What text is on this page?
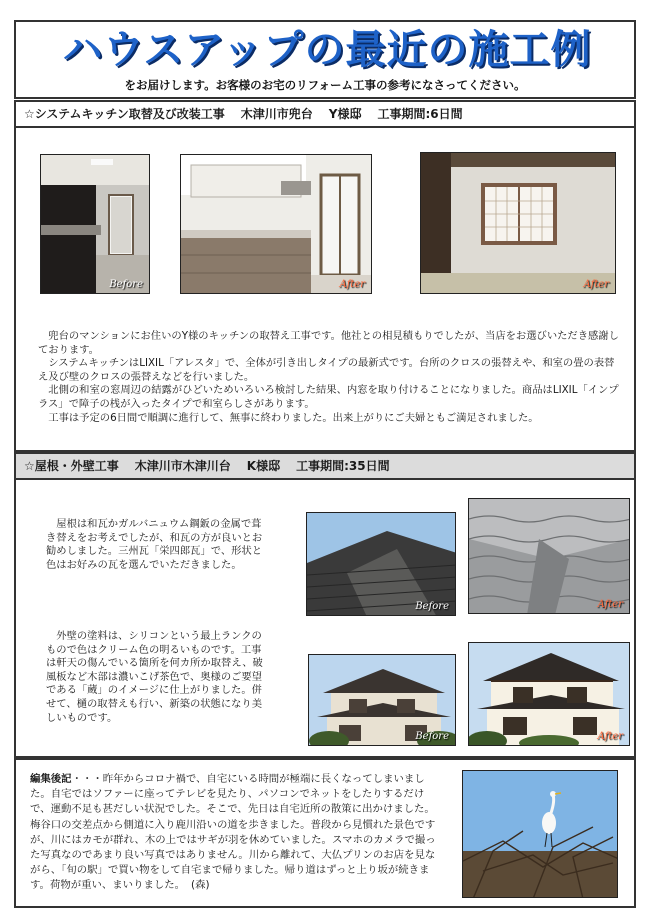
ハウスアップの最近の施工例
をお届けします。お客様のお宅のリフォーム工事の参考になさってください。
☆システムキッチン取替及び改装工事 木津川市兜台 Y様邸 工事期間:6日間
Before	After	After

兜台のマンションにお住いのY様のキッチンの取替え工事です。他社との相見積もりでしたが、当店をお選びいただき感謝しております。

システムキッチンはLIXIL「アレスタ」で、全体が引き出しタイプの最新式です。台所のクロスの張替えや、和室の畳の表替え及び壁のクロスの張替えなどを行いました。

北側の和室の窓周辺の結露がひどいためいろいろ検討した結果、内窓を取り付けることになりました。商品はLIXIL「インプラス」で障子の桟が入ったタイプで和室らしさがあります。

工事は予定の6日間で順調に進行して、無事に終わりました。出来上がりにご夫婦ともご満足されました。

☆屋根・外壁工事 木津川市木津川台 K様邸 工事期間:35日間

屋根は和瓦かガルバニュウム鋼鈑の金属で葺き替えをお考えでしたが、和瓦の方が良いとお勧めしました。三州瓦「栄四郎瓦」で、形状と色はお好みの瓦を選んでいただきました。

外壁の塗料は、シリコンという最上ランクのもので色はクリーム色の明るいものです。工事は軒天の傷んでいる箇所を何カ所か取替え、破風板など木部は濃いこげ茶色で、奥様のご要望である「蔵」のイメージに仕上がりました。併せて、樋の取替えも行い、新築の状態になり美しいものです。

Before	After
Before	After
編集後記・・・昨年からコロナ禍で、自宅にいる時間が極端に長くなってしまいました。自宅ではソファーに座ってテレビを見たり、パソコンでネットをしたりするだけで、運動不足も甚だしい状況でした。そこで、先日は自宅近所の散策に出かけました。梅谷口の交差点から側道に入り鹿川沿いの道を歩きました。普段から見慣れた景色ですが、川にはカモが群れ、木の上ではサギが羽を休めていました。スマホのカメラで撮った写真なのであまり良い写真ではありません。川から離れて、大仏プリンのお店を見ながら、「旬の駅」で買い物をして自宅まで帰りました。帰り道はずっと上り坂が続きます。荷物が重い、まいりました。 (森)
